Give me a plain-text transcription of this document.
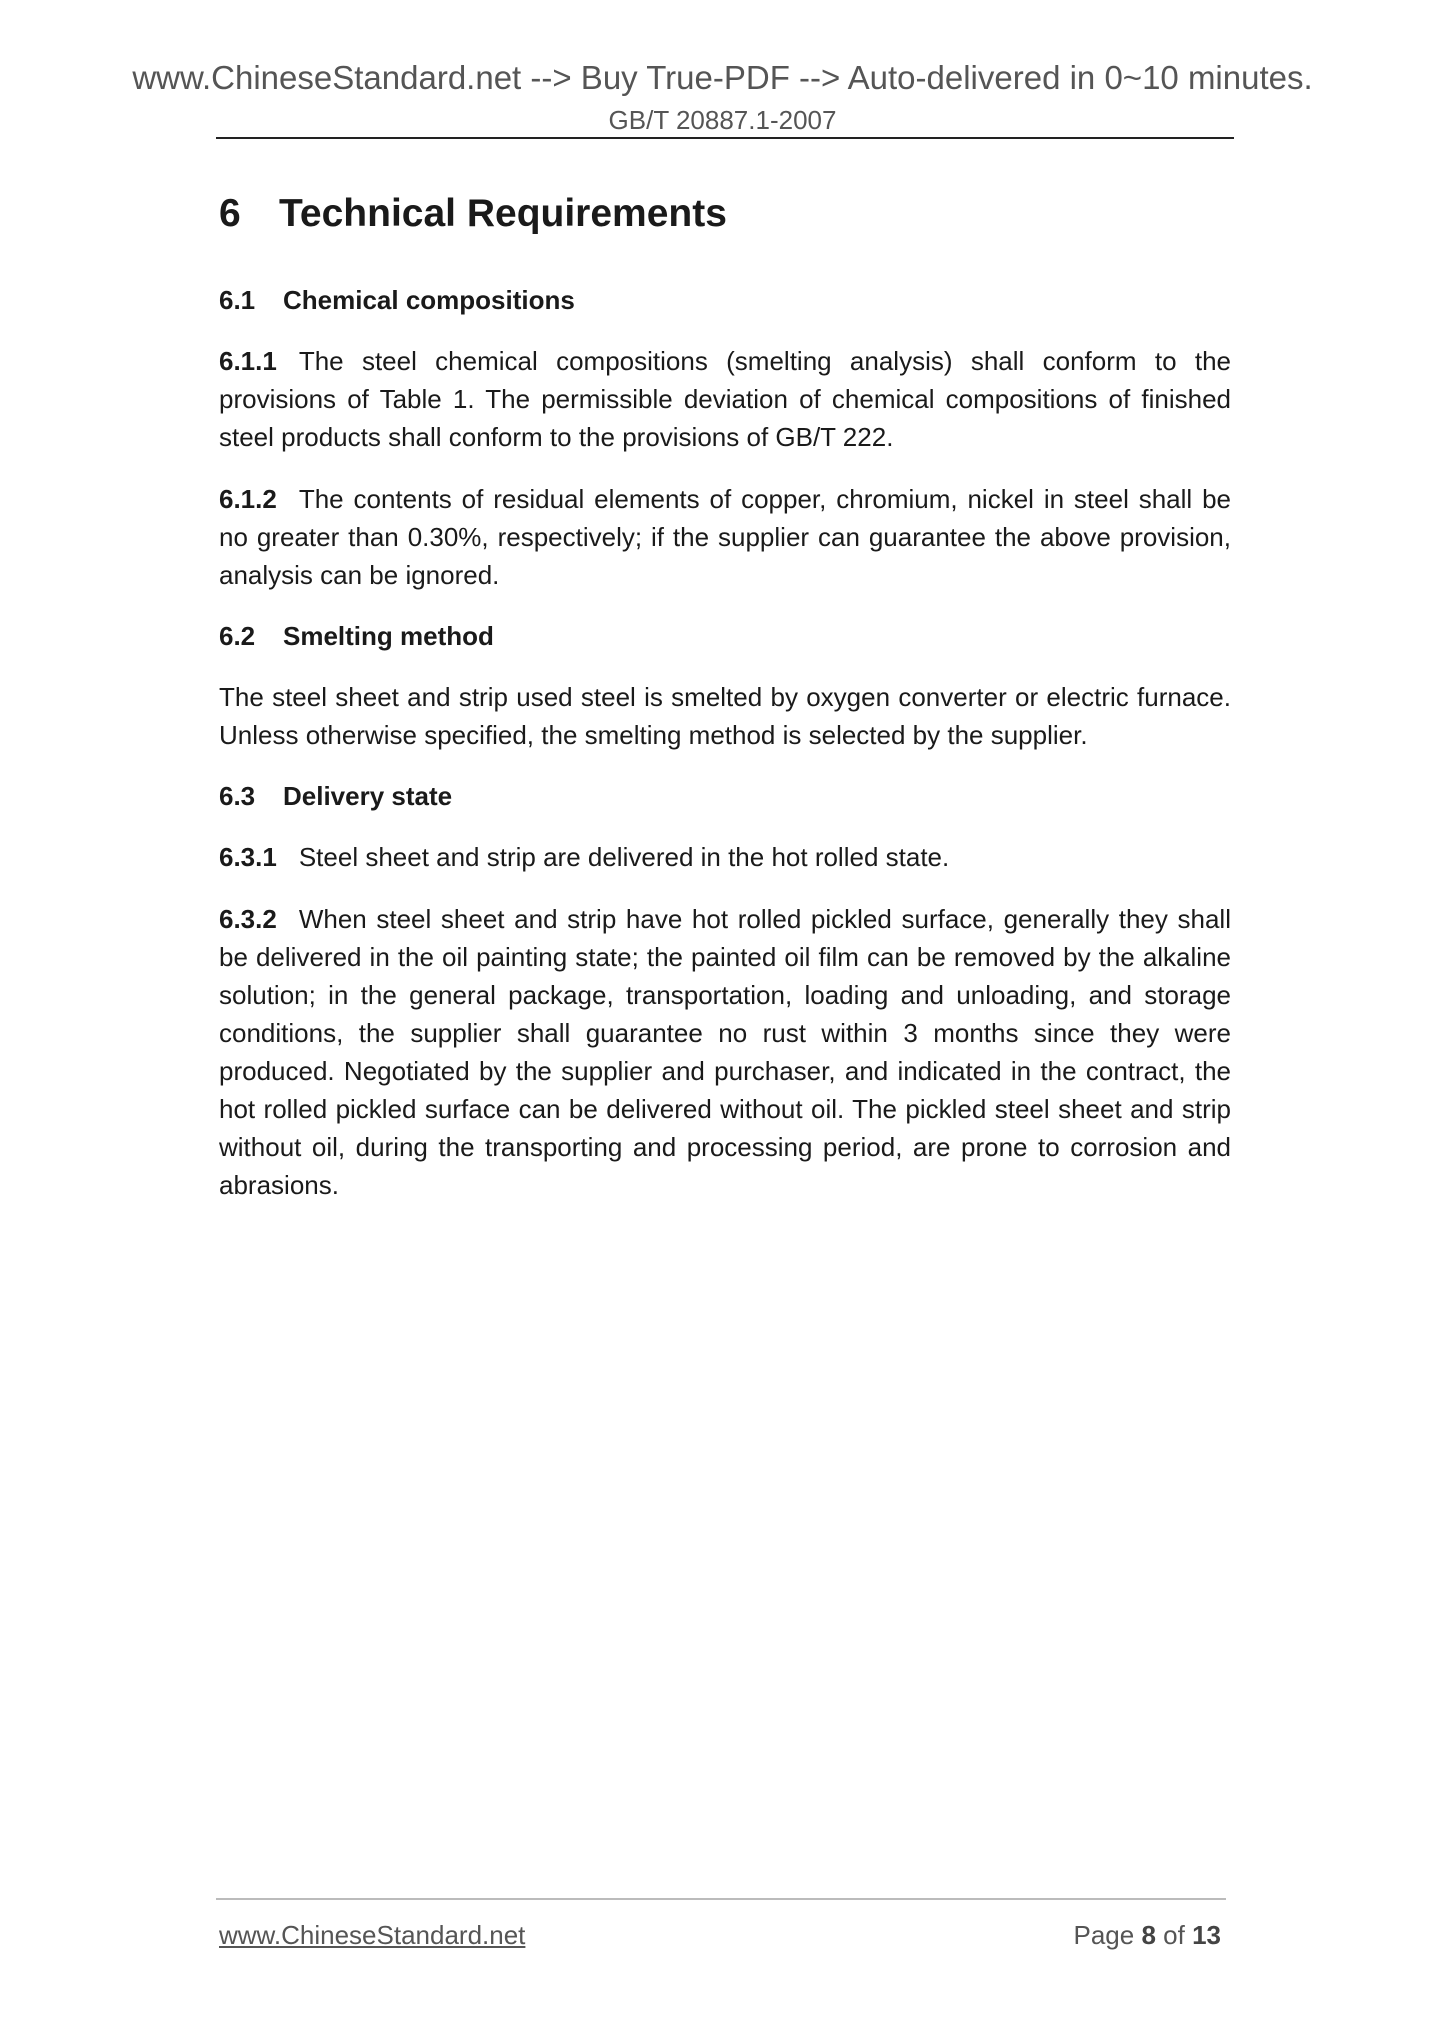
www.ChineseStandard.net --> Buy True-PDF --> Auto-delivered in 0~10 minutes.
GB/T 20887.1-2007
6 Technical Requirements
6.1 Chemical compositions

6.1.1 The steel chemical compositions (smelting analysis) shall conform to the provisions of Table 1. The permissible deviation of chemical compositions of finished steel products shall conform to the provisions of GB/T 222.

6.1.2 The contents of residual elements of copper, chromium, nickel in steel shall be no greater than 0.30%, respectively; if the supplier can guarantee the above provision, analysis can be ignored.

6.2 Smelting method

The steel sheet and strip used steel is smelted by oxygen converter or electric furnace. Unless otherwise specified, the smelting method is selected by the supplier.

6.3 Delivery state

6.3.1 Steel sheet and strip are delivered in the hot rolled state.

6.3.2 When steel sheet and strip have hot rolled pickled surface, generally they shall be delivered in the oil painting state; the painted oil film can be removed by the alkaline solution; in the general package, transportation, loading and unloading, and storage conditions, the supplier shall guarantee no rust within 3 months since they were produced. Negotiated by the supplier and purchaser, and indicated in the contract, the hot rolled pickled surface can be delivered without oil. The pickled steel sheet and strip without oil, during the transporting and processing period, are prone to corrosion and abrasions.

www.ChineseStandard.net	Page 8 of 13
